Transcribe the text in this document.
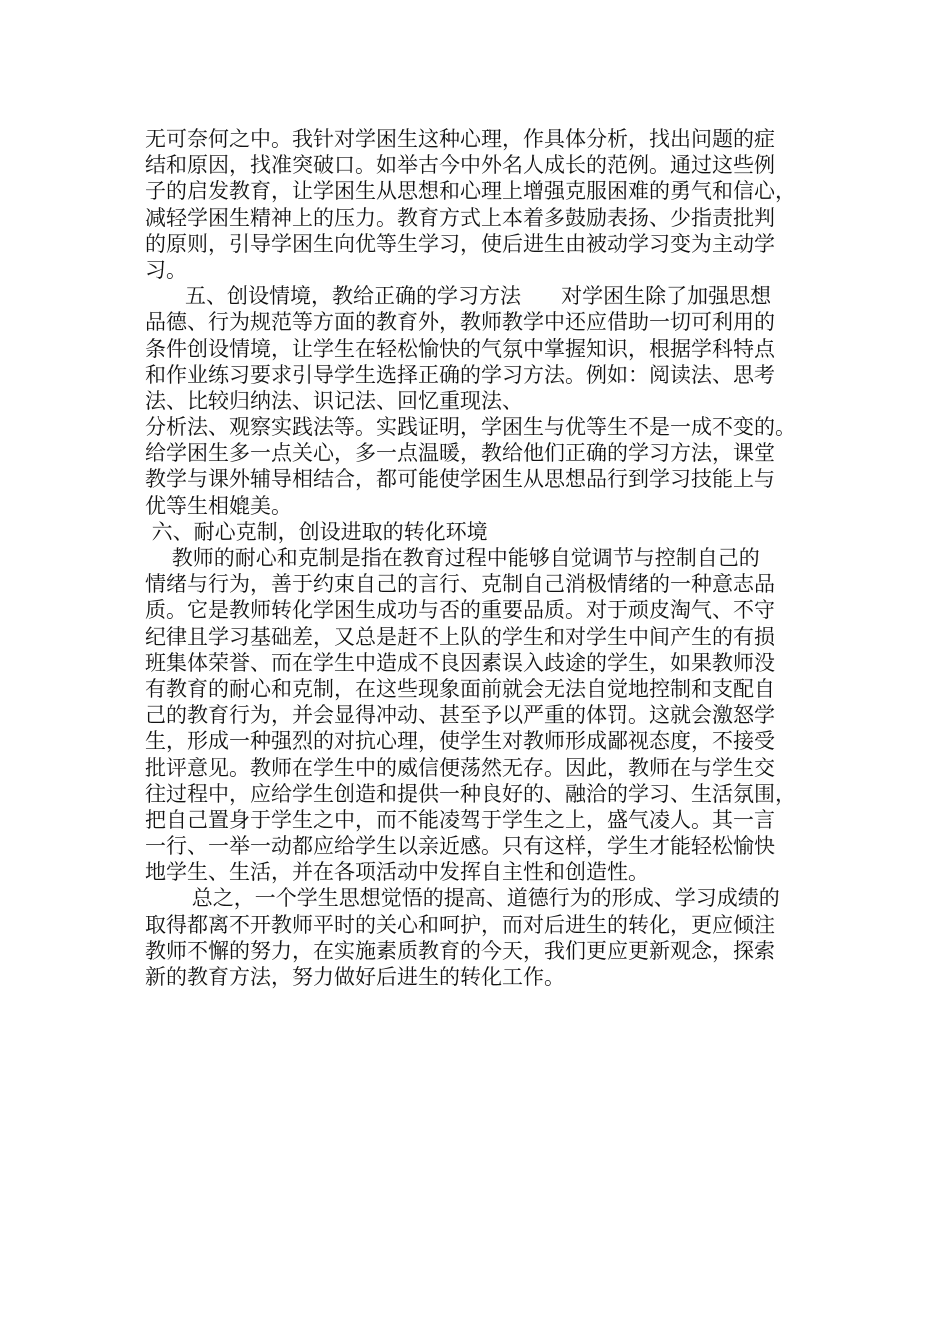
无可奈何之中。我针对学困生这种心理，作具体分析，找出问题的症
结和原因，找准突破口。如举古今中外名人成长的范例。通过这些例
子的启发教育，让学困生从思想和心理上增强克服困难的勇气和信心，
减轻学困生精神上的压力。教育方式上本着多鼓励表扬、少指责批判
的原则，引导学困生向优等生学习，使后进生由被动学习变为主动学
习。
五、创设情境，教给正确的学习方法      对学困生除了加强思想
品德、行为规范等方面的教育外，教师教学中还应借助一切可利用的
条件创设情境，让学生在轻松愉快的气氛中掌握知识，根据学科特点
和作业练习要求引导学生选择正确的学习方法。例如：阅读法、思考
法、比较归纳法、识记法、回忆重现法、
分析法、观察实践法等。实践证明，学困生与优等生不是一成不变的。
给学困生多一点关心，多一点温暖，教给他们正确的学习方法，课堂
教学与课外辅导相结合，都可能使学困生从思想品行到学习技能上与
优等生相媲美。
六、耐心克制，创设进取的转化环境
教师的耐心和克制是指在教育过程中能够自觉调节与控制自己的
情绪与行为，善于约束自己的言行、克制自己消极情绪的一种意志品
质。它是教师转化学困生成功与否的重要品质。对于顽皮淘气、不守
纪律且学习基础差，又总是赶不上队的学生和对学生中间产生的有损
班集体荣誉、而在学生中造成不良因素误入歧途的学生，如果教师没
有教育的耐心和克制，在这些现象面前就会无法自觉地控制和支配自
己的教育行为，并会显得冲动、甚至予以严重的体罚。这就会激怒学
生，形成一种强烈的对抗心理，使学生对教师形成鄙视态度，不接受
批评意见。教师在学生中的威信便荡然无存。因此，教师在与学生交
往过程中，应给学生创造和提供一种良好的、融洽的学习、生活氛围，
把自己置身于学生之中，而不能凌驾于学生之上，盛气凌人。其一言
一行、一举一动都应给学生以亲近感。只有这样，学生才能轻松愉快
地学生、生活，并在各项活动中发挥自主性和创造性。
总之，一个学生思想觉悟的提高、道德行为的形成、学习成绩的
取得都离不开教师平时的关心和呵护，而对后进生的转化，更应倾注
教师不懈的努力，在实施素质教育的今天，我们更应更新观念，探索
新的教育方法，努力做好后进生的转化工作。
